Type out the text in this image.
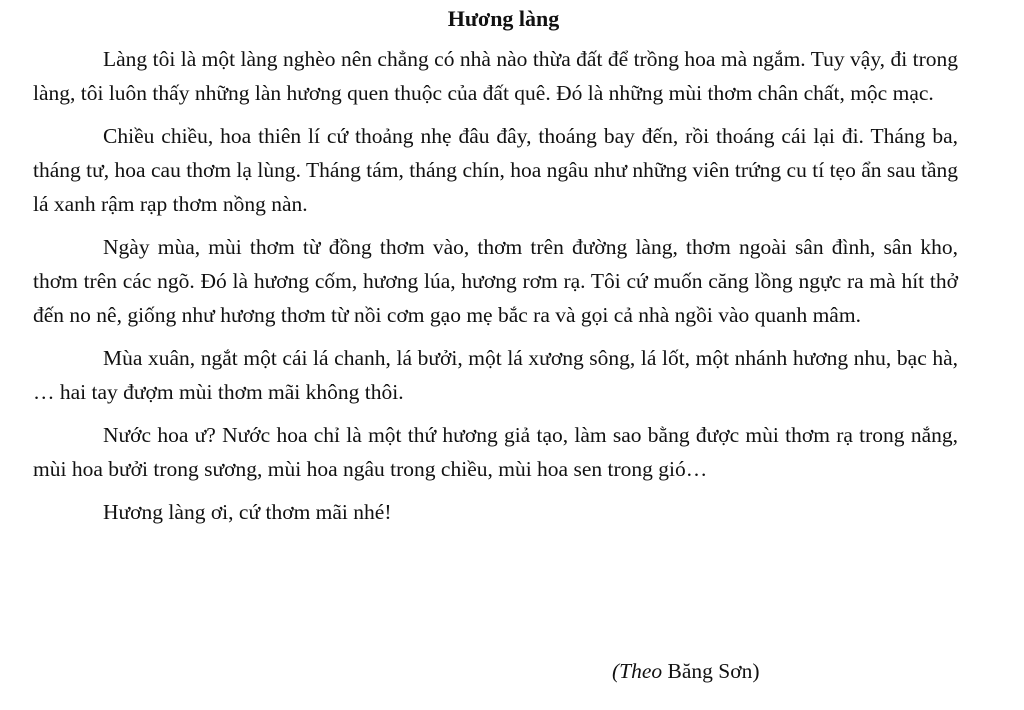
Hương làng

Làng tôi là một làng nghèo nên chẳng có nhà nào thừa đất để trồng hoa mà ngắm. Tuy vậy, đi trong làng, tôi luôn thấy những làn hương quen thuộc của đất quê. Đó là những mùi thơm chân chất, mộc mạc.

Chiều chiều, hoa thiên lí cứ thoảng nhẹ đâu đây, thoáng bay đến, rồi thoáng cái lại đi. Tháng ba, tháng tư, hoa cau thơm lạ lùng. Tháng tám, tháng chín, hoa ngâu như những viên trứng cu tí tẹo ẩn sau tầng lá xanh rậm rạp thơm nồng nàn.

Ngày mùa, mùi thơm từ đồng thơm vào, thơm trên đường làng, thơm ngoài sân đình, sân kho, thơm trên các ngõ. Đó là hương cốm, hương lúa, hương rơm rạ. Tôi cứ muốn căng lồng ngực ra mà hít thở đến no nê, giống như hương thơm từ nồi cơm gạo mẹ bắc ra và gọi cả nhà ngồi vào quanh mâm.

Mùa xuân, ngắt một cái lá chanh, lá bưởi, một lá xương sông, lá lốt, một nhánh hương nhu, bạc hà, … hai tay đượm mùi thơm mãi không thôi.

Nước hoa ư? Nước hoa chỉ là một thứ hương giả tạo, làm sao bằng được mùi thơm rạ trong nắng, mùi hoa bưởi trong sương, mùi hoa ngâu trong chiều, mùi hoa sen trong gió…

Hương làng ơi, cứ thơm mãi nhé!

(Theo Băng Sơn)
